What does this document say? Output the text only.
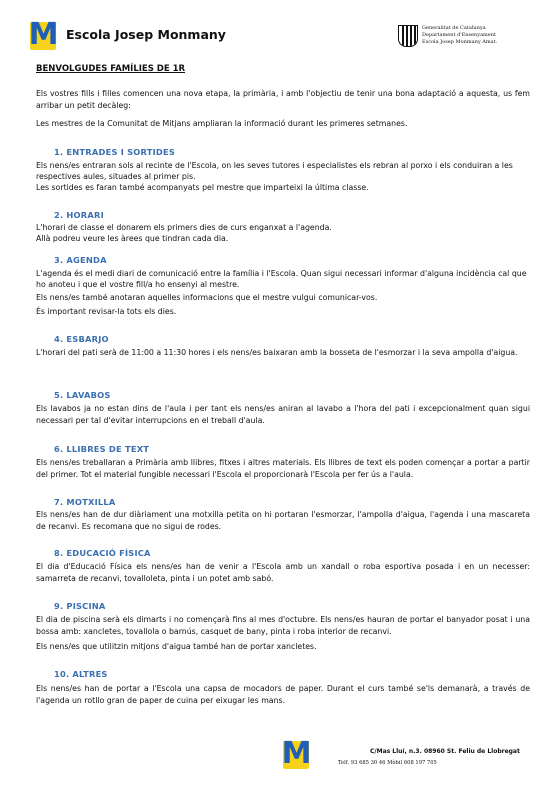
M Escola Josep Monmany	Generalitat de Catalunya
Departament d'Ensenyament
Escola Josep Monmany Amat.
BENVOLGUDES FAMÍLIES DE 1R
Els vostres fills i filles comencen una nova etapa, la primària, i amb l'objectiu de tenir una bona adaptació a aquesta, us fem arribar un petit decàleg:
Les mestres de la Comunitat de Mitjans ampliaran la informació durant les primeres setmanes.
1. ENTRADES I SORTIDES
Els nens/es entraran sols al recinte de l'Escola, on les seves tutores i especialistes els rebran al porxo i els conduiran a les respectives aules, situades al primer pis.
Les sortides es faran també acompanyats pel mestre que imparteixi la última classe.
2. HORARI
L'horari de classe el donarem els primers dies de curs enganxat a l'agenda.
Allà podreu veure les àrees que tindran cada dia.
3. AGENDA
L'agenda és el medi diari de comunicació entre la família i l'Escola. Quan sigui necessari informar d'alguna incidència cal que ho anoteu i que el vostre fill/a ho ensenyi al mestre.
Els nens/es també anotaran aquelles informacions que el mestre vulgui comunicar-vos.
És important revisar-la tots els dies.
4. ESBARJO
L'horari del pati serà de 11:00 a 11:30 hores i els nens/es baixaran amb la bosseta de l'esmorzar i la seva ampolla d'aigua.
5. LAVABOS
Els lavabos ja no estan dins de l'aula i per tant els nens/es aniran al lavabo a l'hora del pati i excepcionalment quan sigui necessari per tal d'evitar interrupcions en el treball d'aula.
6. LLIBRES DE TEXT
Els nens/es treballaran a Primària amb llibres, fitxes i altres materials. Els llibres de text els poden començar a portar a partir del primer. Tot el material fungible necessari l'Escola el proporcionarà l'Escola per fer ús a l'aula.
7. MOTXILLA
Els nens/es han de dur diàriament una motxilla petita on hi portaran l'esmorzar, l'ampolla d'aigua, l'agenda i una mascareta de recanvi. Es recomana que no sigui de rodes.
8. EDUCACIÓ FÍSICA
El dia d'Educació Física els nens/es han de venir a l'Escola amb un xandall o roba esportiva posada i en un necesser: samarreta de recanvi, tovalloleta, pinta i un potet amb sabó.
9. PISCINA
El dia de piscina serà els dimarts i no començarà fins al mes d'octubre. Els nens/es hauran de portar el banyador posat i una bossa amb: xancletes, tovallola o barnús, casquet de bany, pinta i roba interior de recanvi.
Els nens/es que utilitzin mitjons d'aigua també han de portar xancletes.
10. ALTRES
Els nens/es han de portar a l'Escola una capsa de mocadors de paper. Durant el curs també se'ls demanarà, a través de l'agenda un rotllo gran de paper de cuina per eixugar les mans.
M	C/Mas Lluí, n.3. 08960 St. Feliu de Llobregat
Telf. 93 685 30 46 Mòbil 608 197 705
